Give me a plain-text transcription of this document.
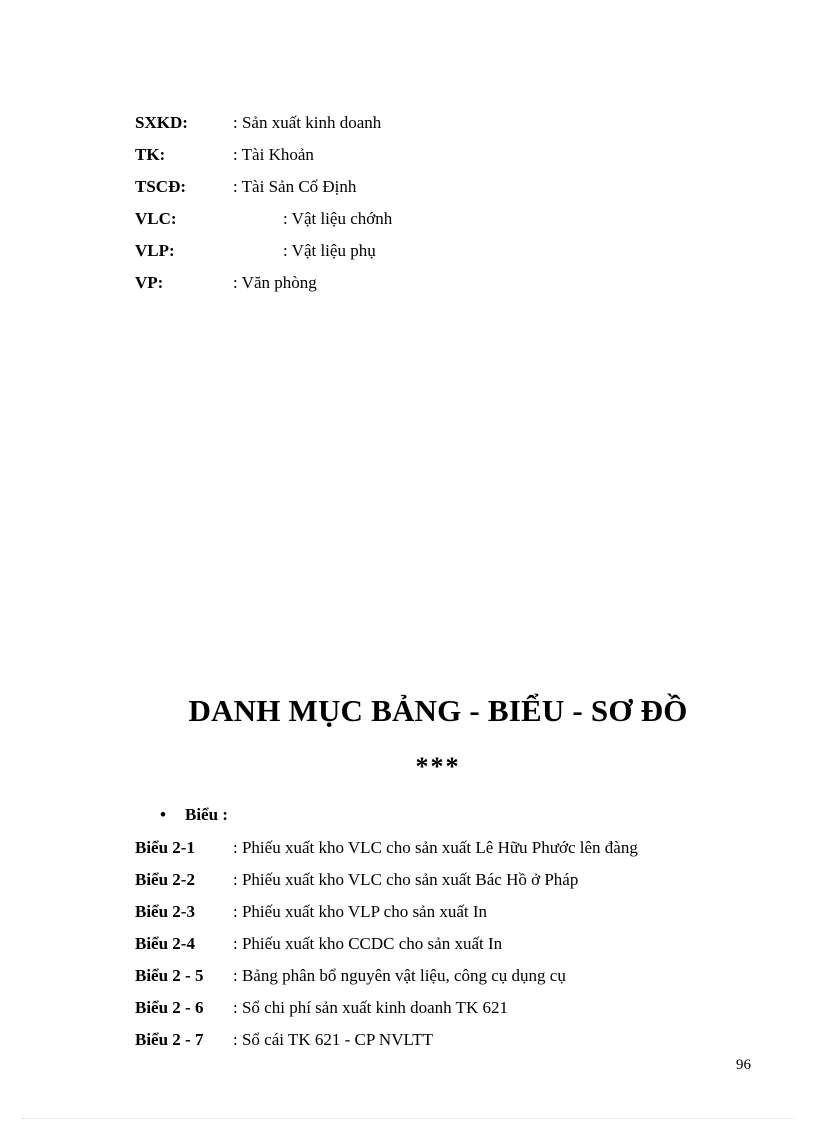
SXKD:	: Sản xuất kinh doanh
TK:	: Tài Khoản
TSCĐ:	: Tài Sản Cố Định
VLC:	: Vật liệu chớnh
VLP:	: Vật liệu phụ
VP:	: Văn phòng
DANH MỤC BẢNG - BIỂU - SƠ ĐỒ
***
• Biểu :
Biểu 2-1 : Phiếu xuất kho VLC cho sản xuất Lê Hữu Phước lên đàng
Biểu 2-2 : Phiếu xuất kho VLC cho sản xuất Bác Hồ ở Pháp
Biểu 2-3 : Phiếu xuất kho VLP cho sản xuất In
Biểu 2-4 : Phiếu xuất kho CCDC cho sản xuất In
Biểu 2 - 5 : Bảng phân bổ nguyên vật liệu, công cụ dụng cụ
Biểu 2 - 6 : Sổ chi phí sản xuất kinh doanh TK 621
Biểu 2 - 7 : Sổ cái TK 621 - CP NVLTT
96
